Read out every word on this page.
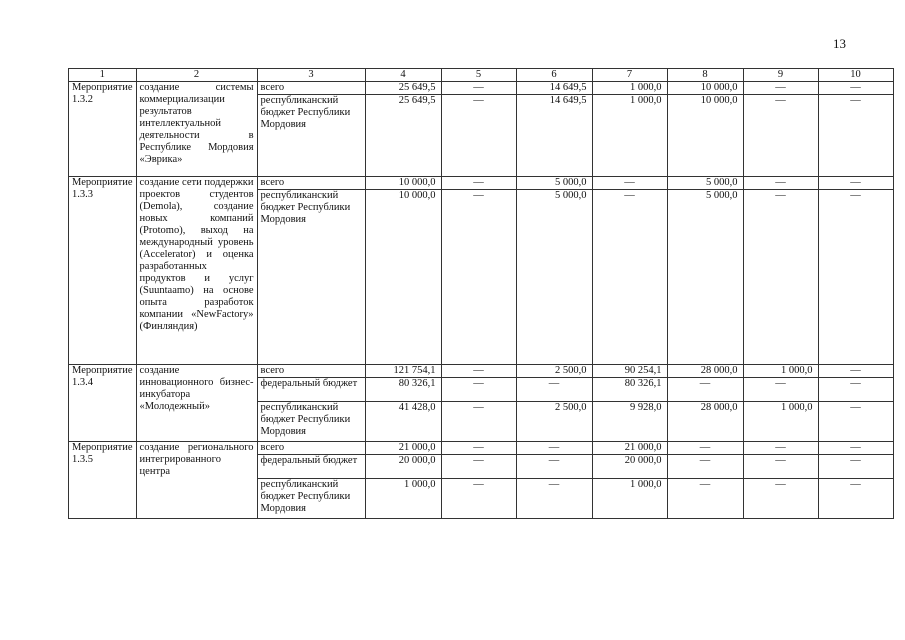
13
1	2	3	4	5	6	7	8	9	10
Мероприятие 1.3.2	создание системы коммерциализации результатов интеллектуальной деятельности в Республике Мордовия «Эврика»	всего	25 649,5	—	14 649,5	1 000,0	10 000,0	—	—
		республиканский бюджет Республики Мордовия	25 649,5	—	14 649,5	1 000,0	10 000,0	—	—
Мероприятие 1.3.3	создание сети поддержки проектов студентов (Demola), создание новых компаний (Protomo), выход на международный уровень (Accelerator) и оценка разработанных продуктов и услуг (Suuntaamo) на основе опыта разработок компании «NewFactory» (Финляндия)	всего	10 000,0	—	5 000,0	—	5 000,0	—	—
		республиканский бюджет Республики Мордовия	10 000,0	—	5 000,0	—	5 000,0	—	—
Мероприятие 1.3.4	создание инновационного бизнес-инкубатора «Молодежный»	всего	121 754,1	—	2 500,0	90 254,1	28 000,0	1 000,0	—
		федеральный бюджет	80 326,1	—	—	80 326,1	—	—	—
		республиканский бюджет Республики Мордовия	41 428,0	—	2 500,0	9 928,0	28 000,0	1 000,0	—
Мероприятие 1.3.5	создание регионального интегрированного центра	всего	21 000,0	—	—	21 000,0	—	—	—
		федеральный бюджет	20 000,0	—	—	20 000,0	—	—	—
		республиканский бюджет Республики Мордовия	1 000,0	—	—	1 000,0	—	—	—
